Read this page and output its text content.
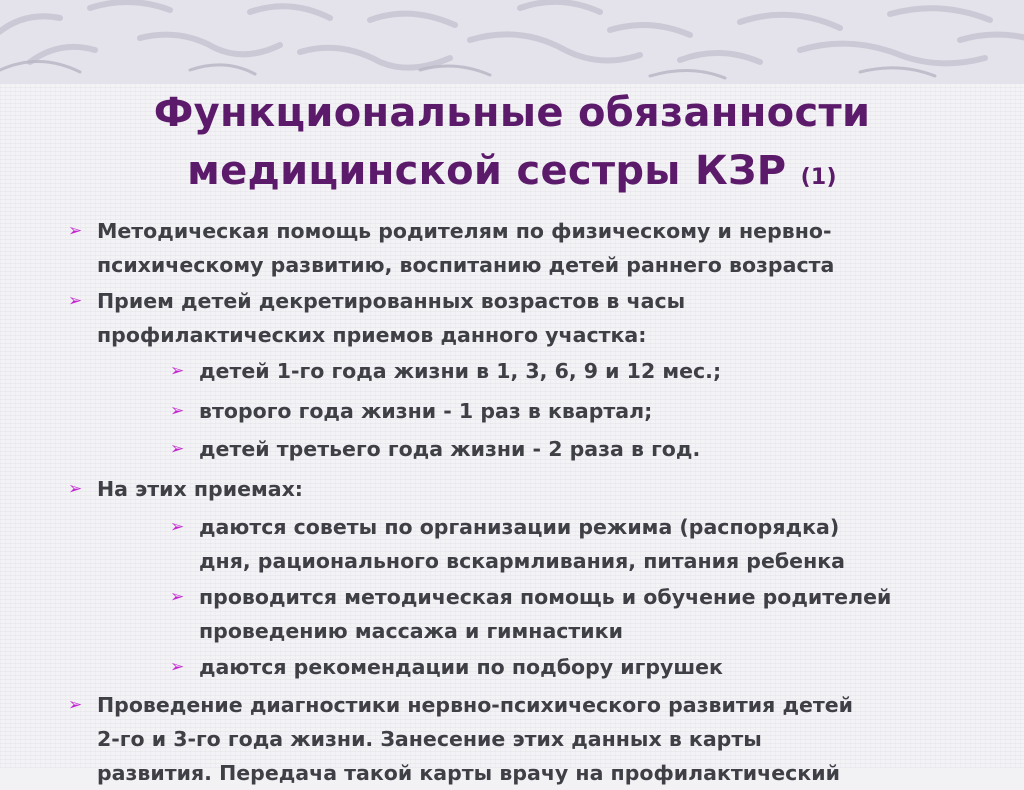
Функциональные обязанности
медицинской сестры КЗР (1)
➢ Методическая помощь родителям по физическому и нервно-
психическому развитию, воспитанию детей раннего возраста
➢ Прием детей декретированных возрастов в часы
профилактических приемов данного участка:
➢ детей 1-го года жизни в 1, 3, 6, 9 и 12 мес.;
➢ второго года жизни - 1 раз в квартал;
➢ детей третьего года жизни - 2 раза в год.
➢ На этих приемах:
➢ даются советы по организации режима (распорядка)
дня, рационального вскармливания, питания ребенка
➢ проводится методическая помощь и обучение родителей
проведению массажа и гимнастики
➢ даются рекомендации по подбору игрушек
➢ Проведение диагностики нервно-психического развития детей
2-го и 3-го года жизни. Занесение этих данных в карты
развития. Передача такой карты врачу на профилактический
